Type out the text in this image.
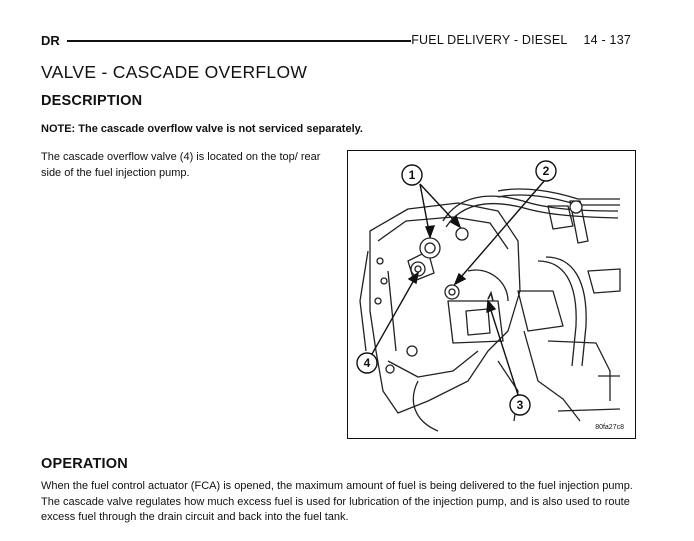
DR	FUEL DELIVERY - DIESEL 14 - 137
VALVE - CASCADE OVERFLOW
DESCRIPTION
NOTE: The cascade overflow valve is not serviced separately.

The cascade overflow valve (4) is located on the top/ rear side of the fuel injection pump.	1	2
3
4
80fa27c8
OPERATION

When the fuel control actuator (FCA) is opened, the maximum amount of fuel is being delivered to the fuel injection pump. The cascade valve regulates how much excess fuel is used for lubrication of the injection pump, and is also used to route excess fuel through the drain circuit and back into the fuel tank.
